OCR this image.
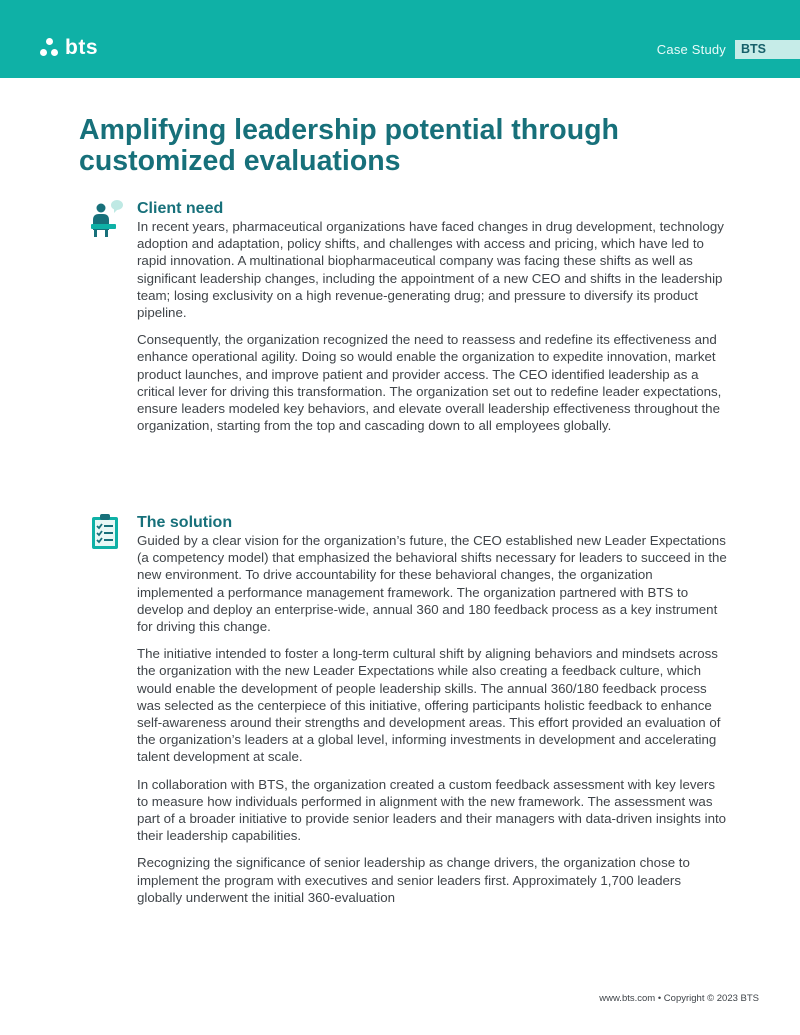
bts	Case Study	BTS
Amplifying leadership potential through customized evaluations
Client need

In recent years, pharmaceutical organizations have faced changes in drug development, technology adoption and adaptation, policy shifts, and challenges with access and pricing, which have led to rapid innovation. A multinational biopharmaceutical company was facing these shifts as well as significant leadership changes, including the appointment of a new CEO and shifts in the leadership team; losing exclusivity on a high revenue-generating drug; and pressure to diversify its product pipeline.

Consequently, the organization recognized the need to reassess and redefine its effectiveness and enhance operational agility. Doing so would enable the organization to expedite innovation, market product launches, and improve patient and provider access. The CEO identified leadership as a critical lever for driving this transformation. The organization set out to redefine leader expectations, ensure leaders modeled key behaviors, and elevate overall leadership effectiveness throughout the organization, starting from the top and cascading down to all employees globally.

The solution

Guided by a clear vision for the organization’s future, the CEO established new Leader Expectations (a competency model) that emphasized the behavioral shifts necessary for leaders to succeed in the new environment. To drive accountability for these behavioral changes, the organization implemented a performance management framework. The organization partnered with BTS to develop and deploy an enterprise-wide, annual 360 and 180 feedback process as a key instrument for driving this change.

The initiative intended to foster a long-term cultural shift by aligning behaviors and mindsets across the organization with the new Leader Expectations while also creating a feedback culture, which would enable the development of people leadership skills. The annual 360/180 feedback process was selected as the centerpiece of this initiative, offering participants holistic feedback to enhance self-awareness around their strengths and development areas. This effort provided an evaluation of the organization’s leaders at a global level, informing investments in development and accelerating talent development at scale.

In collaboration with BTS, the organization created a custom feedback assessment with key levers to measure how individuals performed in alignment with the new framework. The assessment was part of a broader initiative to provide senior leaders and their managers with data-driven insights into their leadership capabilities.

Recognizing the significance of senior leadership as change drivers, the organization chose to implement the program with executives and senior leaders first. Approximately 1,700 leaders globally underwent the initial 360-evaluation

www.bts.com • Copyright © 2023 BTS
